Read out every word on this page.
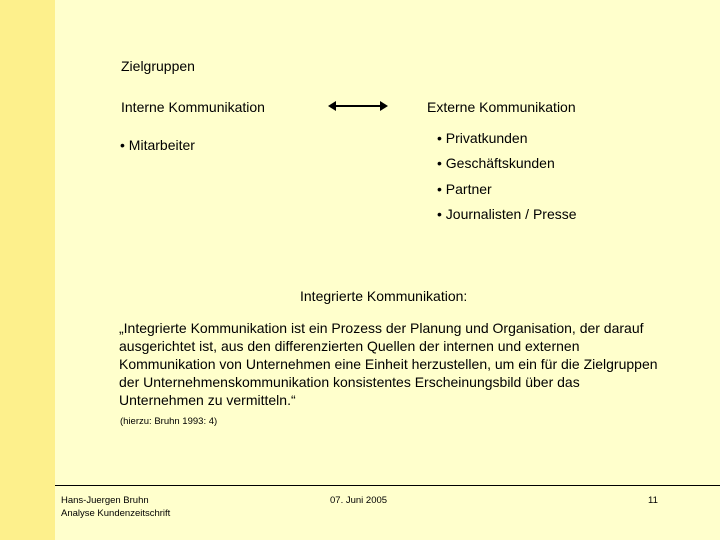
Zielgruppen
Interne Kommunikation	Externe Kommunikation
• Mitarbeiter	• Privatkunden
• Geschäftskunden
• Partner
• Journalisten / Presse
Integrierte Kommunikation:
„Integrierte Kommunikation ist ein Prozess der Planung und Organisation, der darauf ausgerichtet ist, aus den differenzierten Quellen der internen und externen Kommunikation von Unternehmen eine Einheit herzustellen, um ein für die Zielgruppen der Unternehmenskommunikation konsistentes Erscheinungsbild über das Unternehmen zu vermitteln.“
(hierzu: Bruhn 1993: 4)
Hans-Juergen Bruhn
Analyse Kundenzeitschrift
07. Juni 2005	11
